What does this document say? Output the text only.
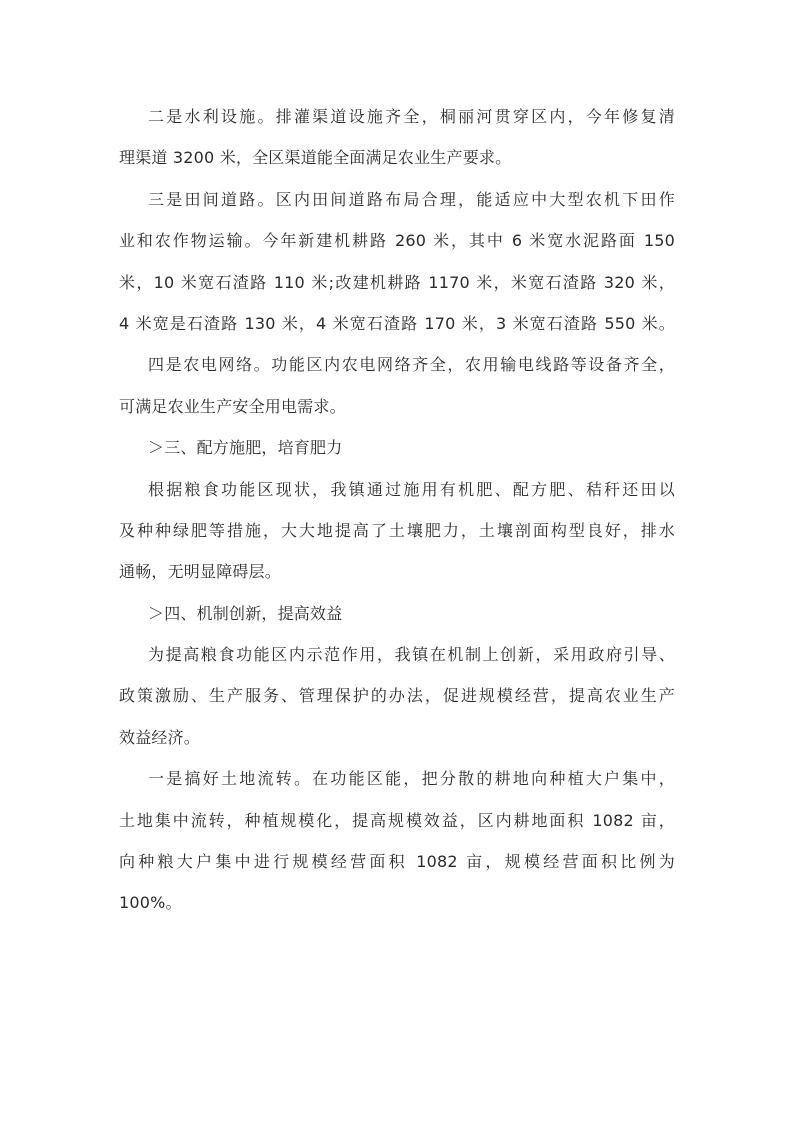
二是水利设施。排灌渠道设施齐全，桐丽河贯穿区内，今年修复清
理渠道 3200 米，全区渠道能全面满足农业生产要求。
三是田间道路。区内田间道路布局合理，能适应中大型农机下田作
业和农作物运输。今年新建机耕路 260 米，其中 6 米宽水泥路面 150
米，10 米宽石渣路 110 米;改建机耕路 1170 米，米宽石渣路 320 米，
4 米宽是石渣路 130 米，4 米宽石渣路 170 米，3 米宽石渣路 550 米。
四是农电网络。功能区内农电网络齐全，农用输电线路等设备齐全，
可满足农业生产安全用电需求。
＞三、配方施肥，培育肥力
根据粮食功能区现状，我镇通过施用有机肥、配方肥、秸秆还田以
及种种绿肥等措施，大大地提高了土壤肥力，土壤剖面构型良好，排水
通畅，无明显障碍层。
＞四、机制创新，提高效益
为提高粮食功能区内示范作用，我镇在机制上创新，采用政府引导、
政策激励、生产服务、管理保护的办法，促进规模经营，提高农业生产
效益经济。
一是搞好土地流转。在功能区能，把分散的耕地向种植大户集中，
土地集中流转，种植规模化，提高规模效益，区内耕地面积 1082 亩，
向种粮大户集中进行规模经营面积 1082 亩，规模经营面积比例为
100%。
